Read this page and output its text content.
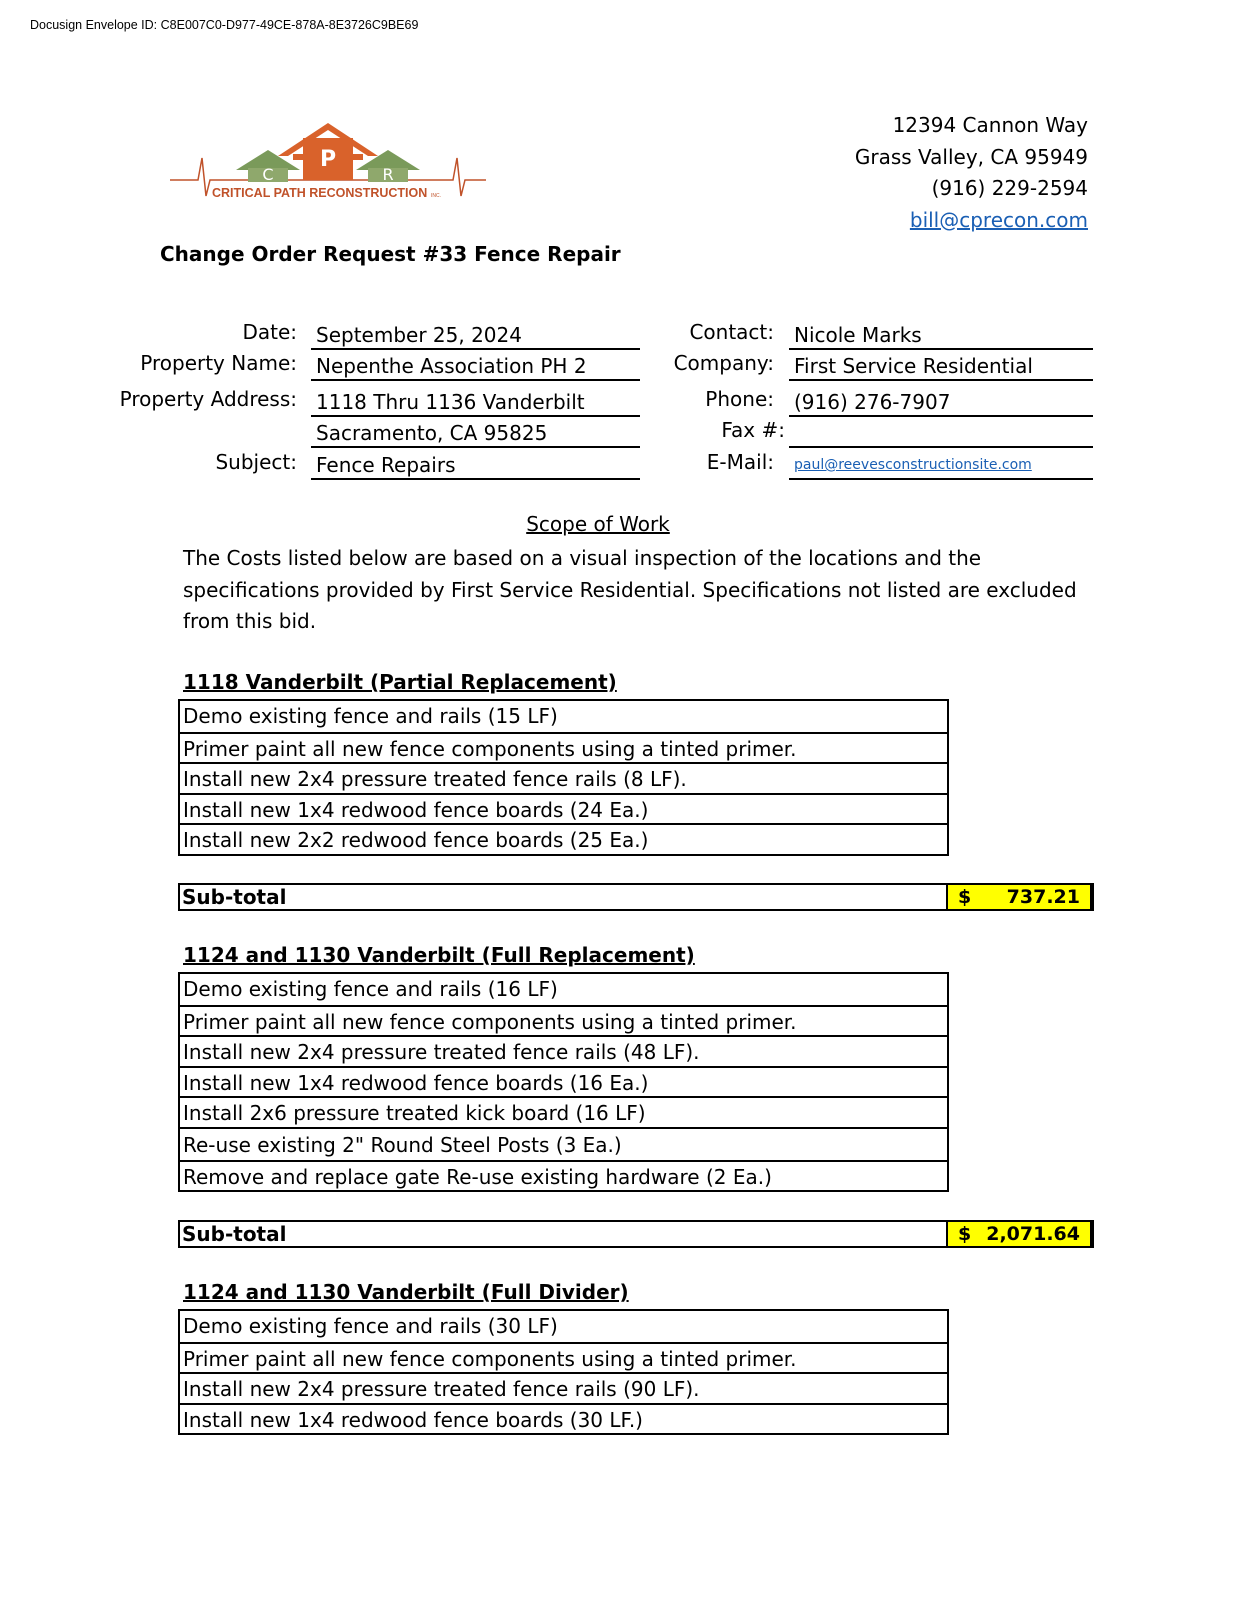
Docusign Envelope ID: C8E007C0-D977-49CE-878A-8E3726C9BE69
P
C	R
CRITICAL PATH RECONSTRUCTION INC.
12394 Cannon Way
Grass Valley, CA 95949
(916) 229-2594
bill@cprecon.com
Change Order Request #33 Fence Repair
Date: September 25, 2024
Property Name: Nepenthe Association PH 2
Property Address: 1118 Thru 1136 Vanderbilt
Sacramento, CA 95825
Subject: Fence Repairs
Contact: Nicole Marks
Company: First Service Residential
Phone: (916) 276-7907
Fax #:
E-Mail:	paul@reevesconstructionsite.com
Scope of Work
The Costs listed below are based on a visual inspection of the locations and the specifications provided by First Service Residential. Specifications not listed are excluded from this bid.
1118 Vanderbilt (Partial Replacement)
Demo existing fence and rails (15 LF)
Primer paint all new fence components using a tinted primer.
Install new 2x4 pressure treated fence rails (8 LF).
Install new 1x4 redwood fence boards (24 Ea.)
Install new 2x2 redwood fence boards (25 Ea.)
Sub-total	$ 737.21
1124 and 1130 Vanderbilt (Full Replacement)
Demo existing fence and rails (16 LF)
Primer paint all new fence components using a tinted primer.
Install new 2x4 pressure treated fence rails (48 LF).
Install new 1x4 redwood fence boards (16 Ea.)
Install 2x6 pressure treated kick board (16 LF)
Re-use existing 2" Round Steel Posts (3 Ea.)
Remove and replace gate Re-use existing hardware (2 Ea.)
Sub-total	$ 2,071.64
1124 and 1130 Vanderbilt (Full Divider)
Demo existing fence and rails (30 LF)
Primer paint all new fence components using a tinted primer.
Install new 2x4 pressure treated fence rails (90 LF).
Install new 1x4 redwood fence boards (30 LF.)
